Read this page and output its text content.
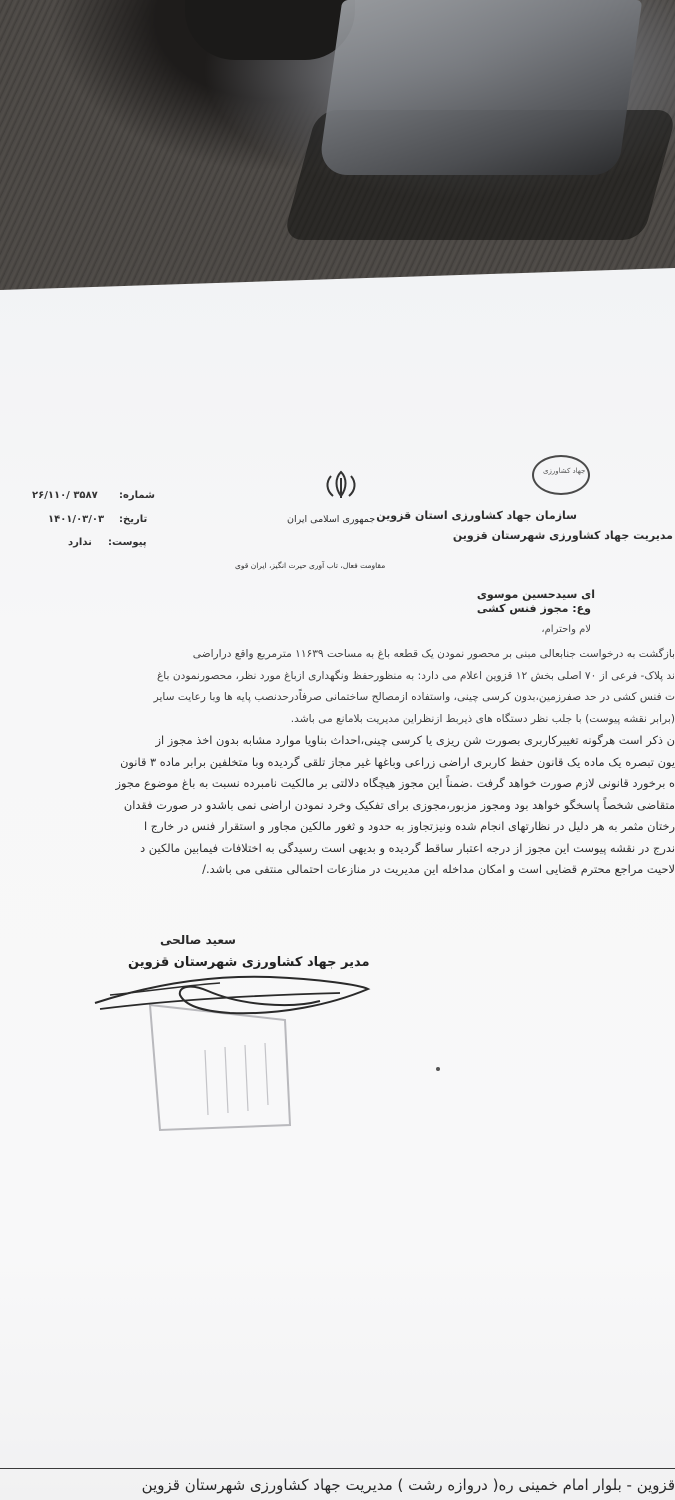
جهاد کشاورزی
سازمان جهاد کشاورزی استان قزوین
مدیریت جهاد کشاورزی شهرستان قزوین
جمهوری اسلامی ایران
مقاومت فعال، تاب آوری حیرت انگیز، ایران قوی
شماره:
۳۵۸۷ /۲۶/۱۱۰
تاریخ:
۱۴۰۱/۰۳/۰۳
پیوست:
ندارد
ای سیدحسین موسوی
وع: مجوز فنس کشی
لام واحترام،
بازگشت به درخواست جنابعالی مبنی بر محصور نمودن یک قطعه باغ به مساحت ۱۱۶۳۹ مترمربع واقع دراراضی
ند پلاک- فرعی از ۷۰ اصلی بخش ۱۲ قزوین اعلام می دارد: به منظورحفظ ونگهداری ازباغ مورد نظر، محصورنمودن باغ
ت فنس کشی در حد صفرزمین،بدون کرسی چینی، واستفاده ازمصالح ساختمانی صرفاًدرحدنصب پایه ها وبا رعایت سایر
(برابر نقشه پیوست) با جلب نظر دستگاه های ذیربط ازنظراین مدیریت بلامانع می باشد.
ن ذکر است هرگونه تغییرکاربری بصورت شن ریزی یا کرسی چینی،احداث بناویا موارد مشابه بدون اخذ مجوز از
یون تبصره یک ماده یک قانون حفظ کاربری اراضی زراعی وباغها غیر مجاز تلقی گردیده وبا متخلفین برابر ماده ۳ قانون
ه برخورد قانونی لازم صورت خواهد گرفت .ضمناً این مجوز هیچگاه دلالتی بر مالکیت نامبرده نسبت به باغ موضوع مجوز
متقاضی شخصاً پاسخگو خواهد بود ومجوز مزبور،مجوزی برای تفکیک وخرد نمودن اراضی نمی باشدو در صورت فقدان
رختان مثمر به هر دلیل در نظارتهای انجام شده ونیزتجاوز به حدود و ثغور مالکین مجاور و استقرار فنس در خارج ا
ندرج در نقشه پیوست این مجوز از درجه اعتبار ساقط گردیده و بدیهی است رسیدگی به اختلافات فیمابین مالکین د
لاحیت مراجع محترم قضایی است و امکان مداخله این مدیریت در منازعات احتمالی منتفی می باشد./
سعید صالحی
مدیر جهاد کشاورزی شهرستان قزوین
قزوین - بلوار امام خمینی ره( دروازه رشت ) مدیریت جهاد کشاورزی شهرستان قزوین
